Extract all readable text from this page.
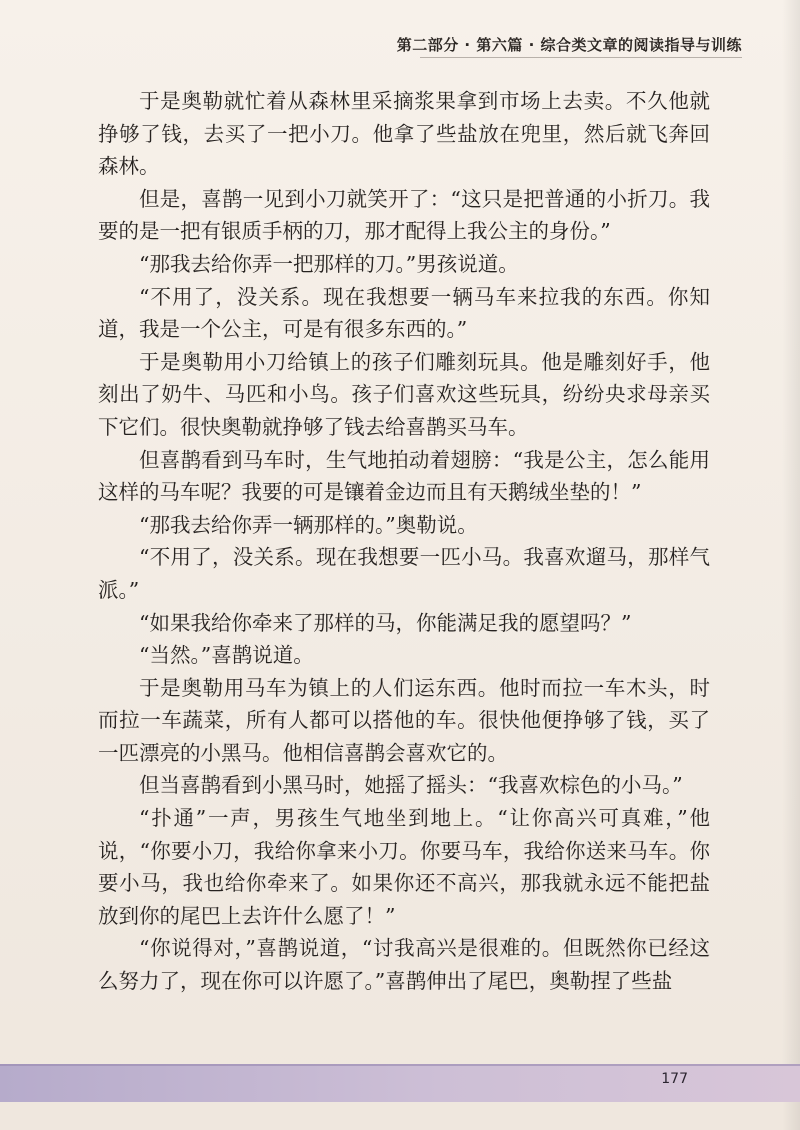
第二部分 · 第六篇 · 综合类文章的阅读指导与训练

于是奥勒就忙着从森林里采摘浆果拿到市场上去卖。不久他就挣够了钱，去买了一把小刀。他拿了些盐放在兜里，然后就飞奔回森林。

但是，喜鹊一见到小刀就笑开了：“这只是把普通的小折刀。我要的是一把有银质手柄的刀，那才配得上我公主的身份。”

“那我去给你弄一把那样的刀。”男孩说道。

“不用了，没关系。现在我想要一辆马车来拉我的东西。你知道，我是一个公主，可是有很多东西的。”

于是奥勒用小刀给镇上的孩子们雕刻玩具。他是雕刻好手，他刻出了奶牛、马匹和小鸟。孩子们喜欢这些玩具，纷纷央求母亲买下它们。很快奥勒就挣够了钱去给喜鹊买马车。

但喜鹊看到马车时，生气地拍动着翅膀：“我是公主，怎么能用这样的马车呢？我要的可是镶着金边而且有天鹅绒坐垫的！”

“那我去给你弄一辆那样的。”奥勒说。

“不用了，没关系。现在我想要一匹小马。我喜欢遛马，那样气派。”

“如果我给你牵来了那样的马，你能满足我的愿望吗？”

“当然。”喜鹊说道。

于是奥勒用马车为镇上的人们运东西。他时而拉一车木头，时而拉一车蔬菜，所有人都可以搭他的车。很快他便挣够了钱，买了一匹漂亮的小黑马。他相信喜鹊会喜欢它的。

但当喜鹊看到小黑马时，她摇了摇头：“我喜欢棕色的小马。”

“扑通”一声，男孩生气地坐到地上。“让你高兴可真难，”他说，“你要小刀，我给你拿来小刀。你要马车，我给你送来马车。你要小马，我也给你牵来了。如果你还不高兴，那我就永远不能把盐放到你的尾巴上去许什么愿了！”

“你说得对，”喜鹊说道，“讨我高兴是很难的。但既然你已经这么努力了，现在你可以许愿了。”喜鹊伸出了尾巴，奥勒捏了些盐

177
